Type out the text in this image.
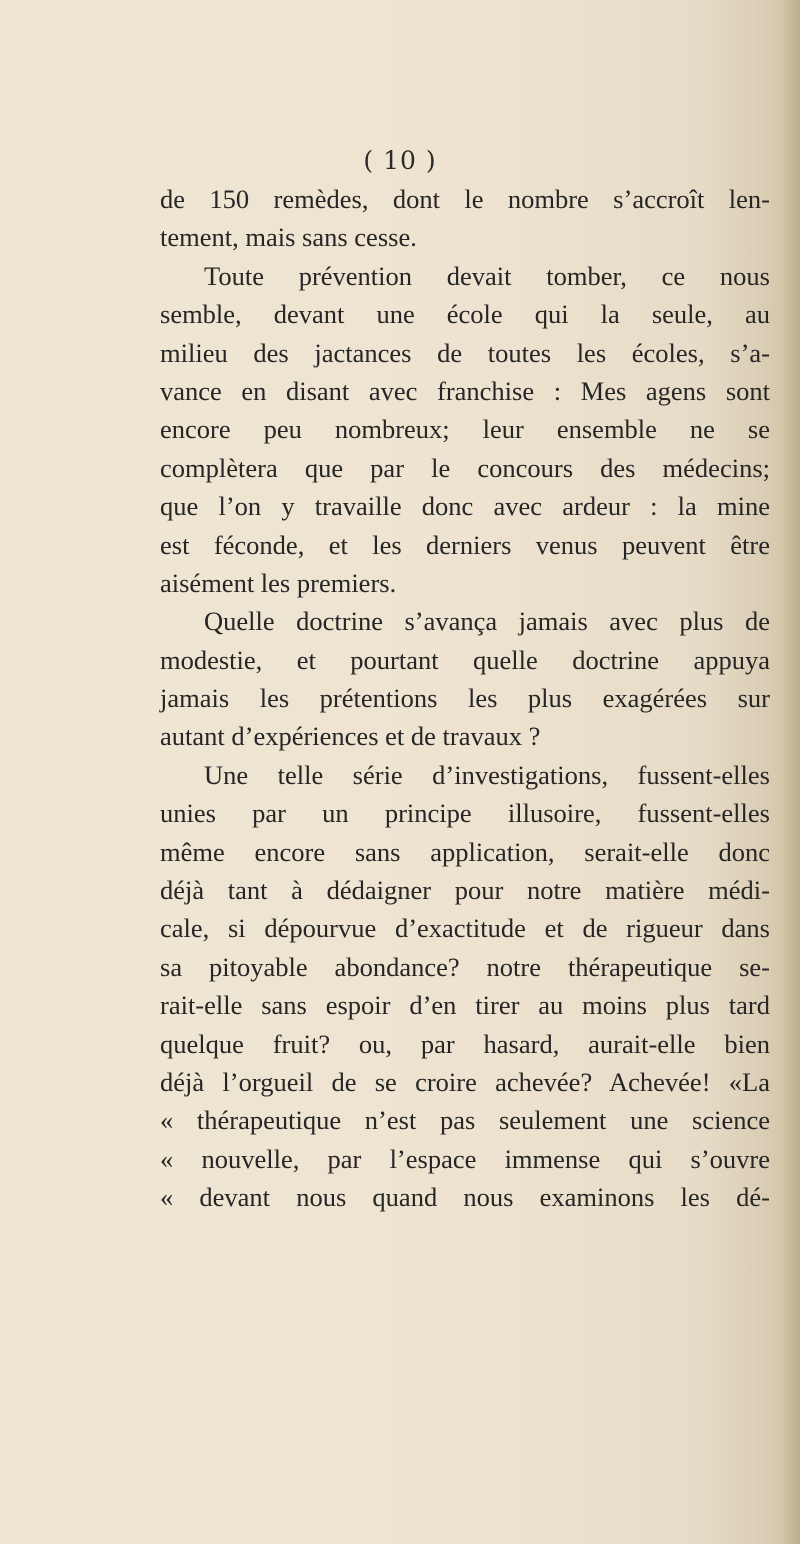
( 10 )
de 150 remèdes, dont le nombre s’accroît len-
tement, mais sans cesse.
Toute prévention devait tomber, ce nous
semble, devant une école qui la seule, au
milieu des jactances de toutes les écoles, s’a-
vance en disant avec franchise : Mes agens sont
encore peu nombreux; leur ensemble ne se
complètera que par le concours des médecins;
que l’on y travaille donc avec ardeur : la mine
est féconde, et les derniers venus peuvent être
aisément les premiers.
Quelle doctrine s’avança jamais avec plus de
modestie, et pourtant quelle doctrine appuya
jamais les prétentions les plus exagérées sur
autant d’expériences et de travaux ?
Une telle série d’investigations, fussent-elles
unies par un principe illusoire, fussent-elles
même encore sans application, serait-elle donc
déjà tant à dédaigner pour notre matière médi-
cale, si dépourvue d’exactitude et de rigueur dans
sa pitoyable abondance? notre thérapeutique se-
rait-elle sans espoir d’en tirer au moins plus tard
quelque fruit? ou, par hasard, aurait-elle bien
déjà l’orgueil de se croire achevée? Achevée! «La
« thérapeutique n’est pas seulement une science
« nouvelle, par l’espace immense qui s’ouvre
« devant nous quand nous examinons les dé-
